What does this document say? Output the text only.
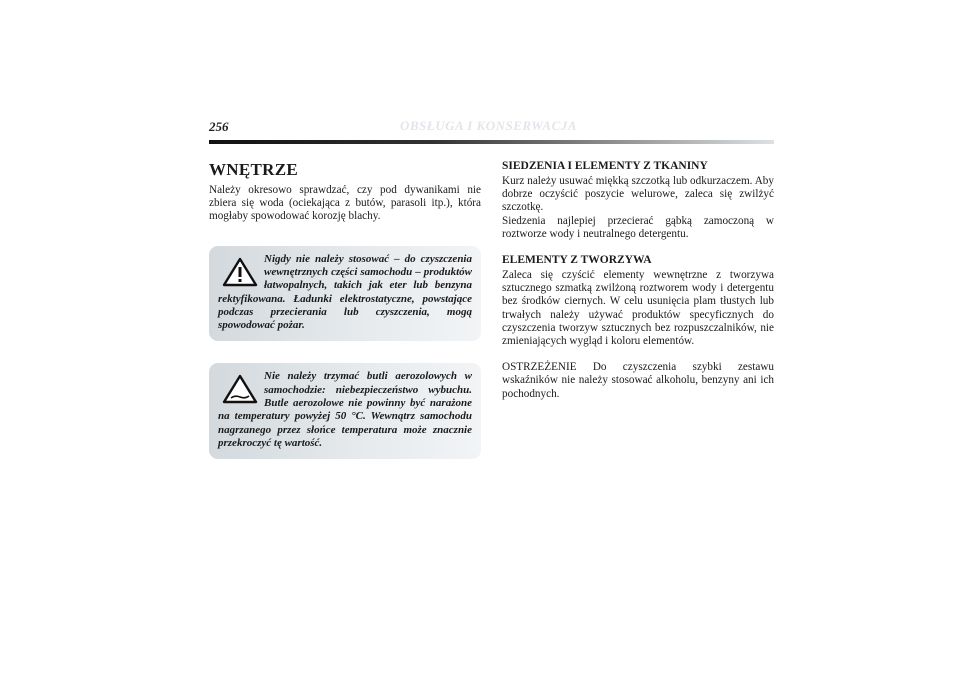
256	OBSŁUGA I KONSERWACJA
WNĘTRZE

Należy okresowo sprawdzać, czy pod dywanikami nie zbiera się woda (ociekająca z butów, parasoli itp.), która mogłaby spowodować korozję blachy.

Nigdy nie należy stosować – do czyszczenia wewnętrznych części samochodu – produktów łatwopalnych, takich jak eter lub benzyna rektyfikowana. Ładunki elektrostatyczne, powstające podczas przecierania lub czyszczenia, mogą spowodować pożar.

Nie należy trzymać butli aerozolowych w samochodzie: niebezpieczeństwo wybuchu. Butle aerozolowe nie powinny być narażone na temperatury powyżej 50 °C. Wewnątrz samochodu nagrzanego przez słońce temperatura może znacznie przekroczyć tę wartość.

SIEDZENIA I ELEMENTY Z TKANINY

Kurz należy usuwać miękką szczotką lub odkurzaczem. Aby dobrze oczyścić poszycie welurowe, zaleca się zwilżyć szczotkę.

Siedzenia najlepiej przecierać gąbką zamoczoną w roztworze wody i neutralnego detergentu.

ELEMENTY Z TWORZYWA

Zaleca się czyścić elementy wewnętrzne z tworzywa sztucznego szmatką zwilżoną roztworem wody i detergentu bez środków ciernych. W celu usunięcia plam tłustych lub trwałych należy używać produktów specyficznych do czyszczenia tworzyw sztucznych bez rozpuszczalników, nie zmieniających wygląd i koloru elementów.

OSTRZEŻENIE Do czyszczenia szybki zestawu wskaźników nie należy stosować alkoholu, benzyny ani ich pochodnych.
